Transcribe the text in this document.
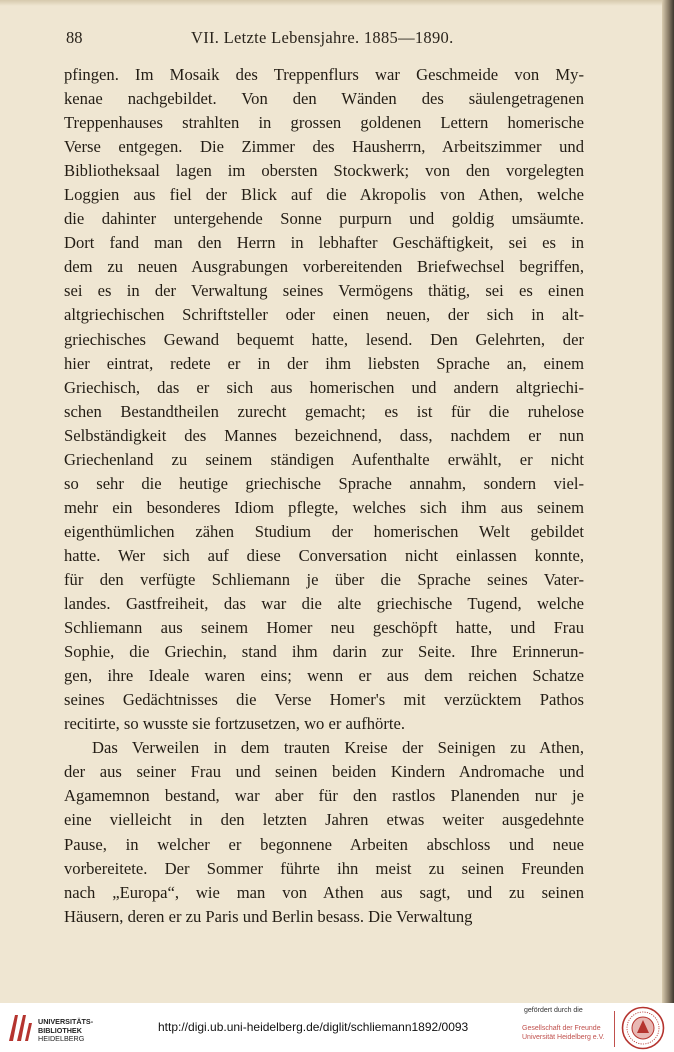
88	VII. Letzte Lebensjahre. 1885—1890.
pfingen. Im Mosaik des Treppenflurs war Geschmeide von My-
kenae nachgebildet. Von den Wänden des säulengetragenen
Treppenhauses strahlten in grossen goldenen Lettern homerische
Verse entgegen. Die Zimmer des Hausherrn, Arbeitszimmer und
Bibliotheksaal lagen im obersten Stockwerk; von den vorgelegten
Loggien aus fiel der Blick auf die Akropolis von Athen, welche
die dahinter untergehende Sonne purpurn und goldig umsäumte.
Dort fand man den Herrn in lebhafter Geschäftigkeit, sei es in
dem zu neuen Ausgrabungen vorbereitenden Briefwechsel begriffen,
sei es in der Verwaltung seines Vermögens thätig, sei es einen
altgriechischen Schriftsteller oder einen neuen, der sich in alt-
griechisches Gewand bequemt hatte, lesend. Den Gelehrten, der
hier eintrat, redete er in der ihm liebsten Sprache an, einem
Griechisch, das er sich aus homerischen und andern altgriechi-
schen Bestandtheilen zurecht gemacht; es ist für die ruhelose
Selbständigkeit des Mannes bezeichnend, dass, nachdem er nun
Griechenland zu seinem ständigen Aufenthalte erwählt, er nicht
so sehr die heutige griechische Sprache annahm, sondern viel-
mehr ein besonderes Idiom pflegte, welches sich ihm aus seinem
eigenthümlichen zähen Studium der homerischen Welt gebildet
hatte. Wer sich auf diese Conversation nicht einlassen konnte,
für den verfügte Schliemann je über die Sprache seines Vater-
landes. Gastfreiheit, das war die alte griechische Tugend, welche
Schliemann aus seinem Homer neu geschöpft hatte, und Frau
Sophie, die Griechin, stand ihm darin zur Seite. Ihre Erinnerun-
gen, ihre Ideale waren eins; wenn er aus dem reichen Schatze
seines Gedächtnisses die Verse Homer's mit verzücktem Pathos
recitirte, so wusste sie fortzusetzen, wo er aufhörte.
Das Verweilen in dem trauten Kreise der Seinigen zu Athen,
der aus seiner Frau und seinen beiden Kindern Andromache und
Agamemnon bestand, war aber für den rastlos Planenden nur je
eine vielleicht in den letzten Jahren etwas weiter ausgedehnte
Pause, in welcher er begonnene Arbeiten abschloss und neue
vorbereitete. Der Sommer führte ihn meist zu seinen Freunden
nach „Europa“, wie man von Athen aus sagt, und zu seinen
Häusern, deren er zu Paris und Berlin besass. Die Verwaltung
UNIVERSITÄTS-
BIBLIOTHEK
HEIDELBERG
http://digi.ub.uni-heidelberg.de/diglit/schliemann1892/0093
gefördert durch die
Gesellschaft der Freunde
Universität Heidelberg e.V.
